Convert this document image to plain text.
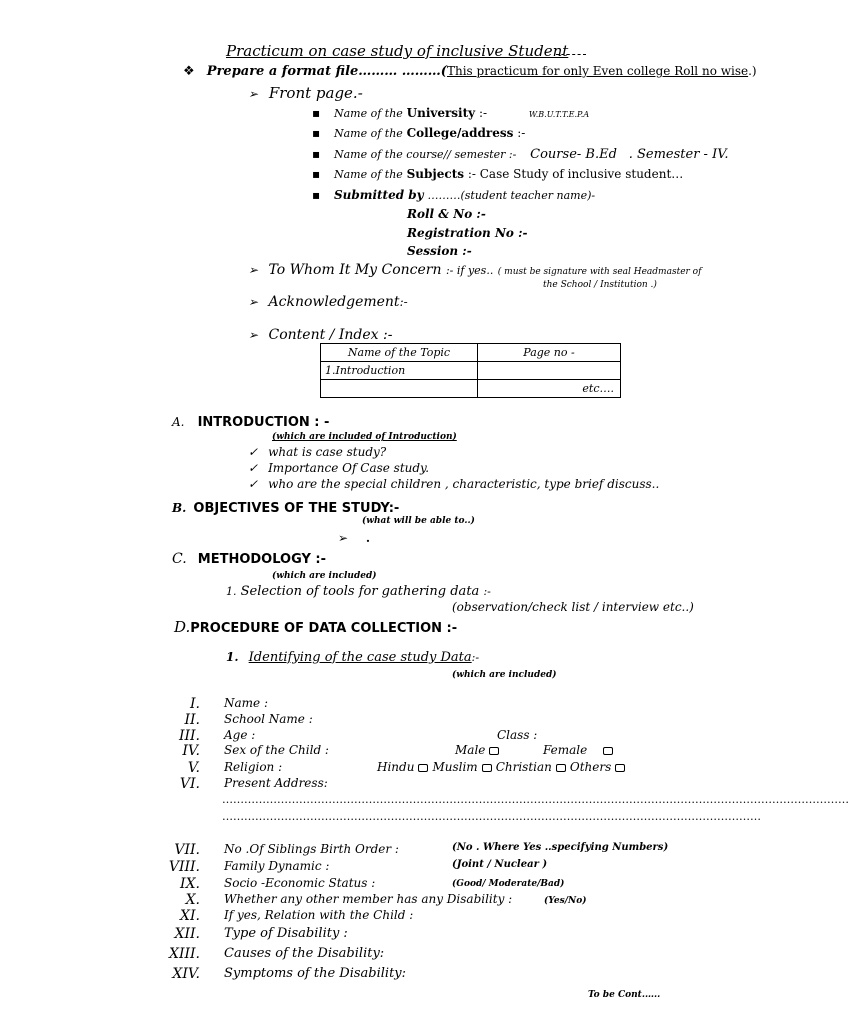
Practicum on case study of inclusive Student
❖ Prepare a format file……… ………(This practicum for only Even college Roll no wise.)
➢ Front page.-
▪ Name of the University :-	W.B.U.T.T.E.P.A
▪ Name of the College/address :-
▪ Name of the course// semester :- Course- B.Ed . Semester - IV.
▪ Name of the Subjects :- Case Study of inclusive student…
▪ Submitted by ………(student teacher name)-
Roll & No :-
Registration No :-
Session :-
➢ To Whom It My Concern :- if yes.. ( must be signature with seal Headmaster of
the School / Institution .)
➢ Acknowledgement:-
➢ Content / Index :-
Name of the Topic	Page no -
1.Introduction	
	etc….
A. INTRODUCTION : -
(which are included of Introduction)
✓ what is case study?
✓ Importance Of Case study.
✓ who are the special children , characteristic, type brief discuss..
B. OBJECTIVES OF THE STUDY:-
(what will be able to..)
➢ .
C. METHODOLOGY :-
(which are included)
1. Selection of tools for gathering data :-
(observation/check list / interview etc..)
D.PROCEDURE OF DATA COLLECTION :-
1. Identifying of the case study Data:-
(which are included)
I. Name :
II. School Name :
III. Age :	Class :
IV. Sex of the Child :	Male	Female
V. Religion :	Hindu Muslim Christian Others
VI. Present Address:
………………………………………………………………………………………………………………………………………………………
…………………………………………………………………………………………………………………………………
VII. No .Of Siblings Birth Order :	(No . Where Yes ..specifying Numbers)
VIII. Family Dynamic :	(Joint / Nuclear )
IX. Socio -Economic Status :	(Good/ Moderate/Bad)
X. Whether any other member has any Disability :	(Yes/No)
XI. If yes, Relation with the Child :
XII. Type of Disability :
XIII. Causes of the Disability:
XIV. Symptoms of the Disability:
To be Cont.…..
